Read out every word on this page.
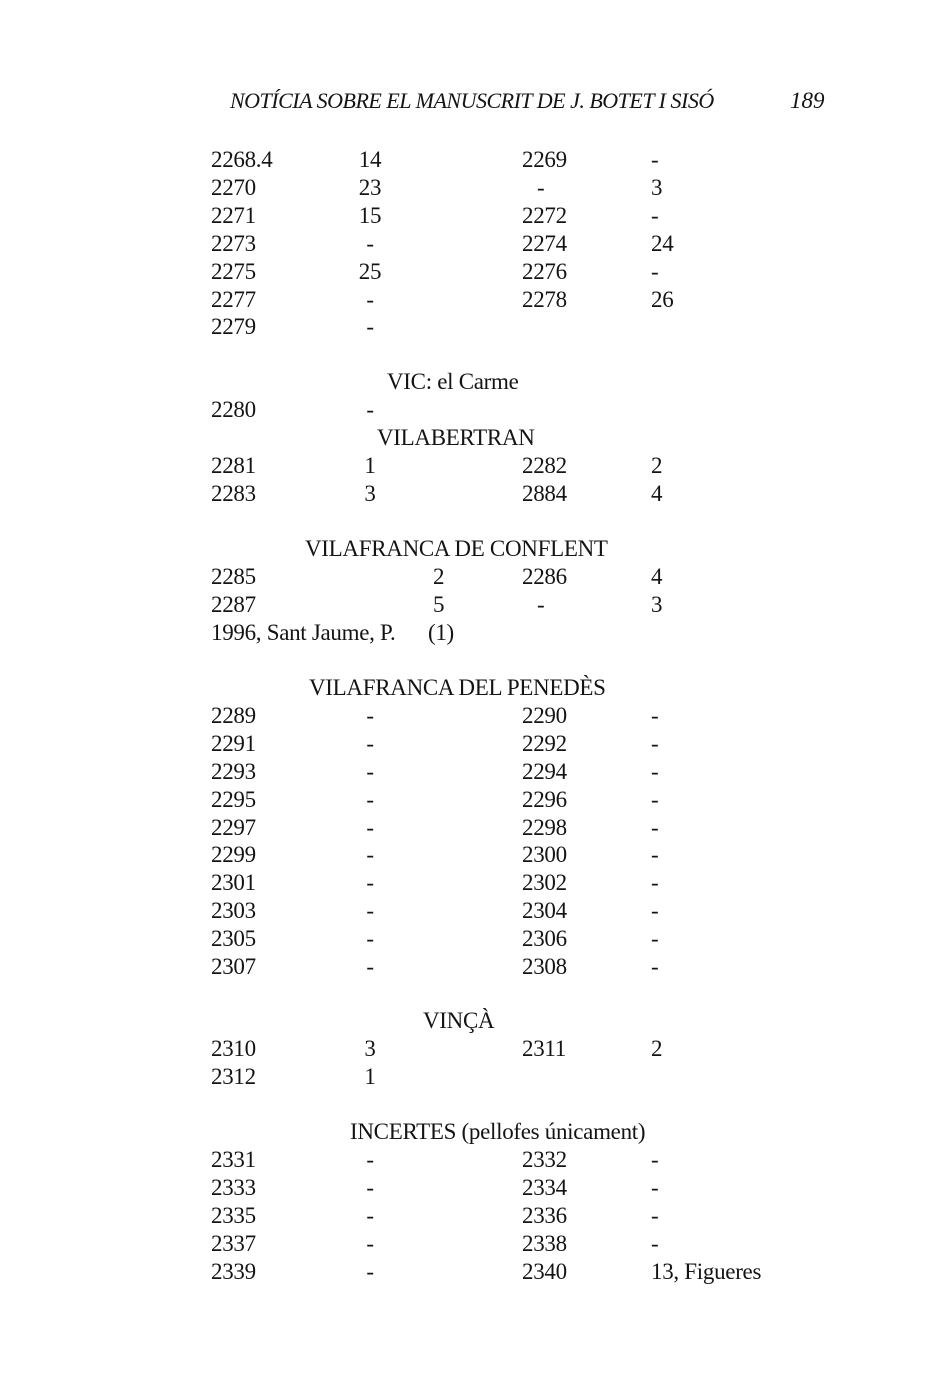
NOTÍCIA SOBRE EL MANUSCRIT DE J. BOTET I SISÓ	189
2268.4	14	2269	-
2270	23	-	3
2271	15	2272	-
2273	-	2274	24
2275	25	2276	-
2277	-	2278	26
2279	-
VIC: el Carme
2280	-
VILABERTRAN
2281	1	2282	2
2283	3	2884	4
VILAFRANCA DE CONFLENT
2285	2	2286	4
2287	5	-	3
1996, Sant Jaume, P. (1)
VILAFRANCA DEL PENEDÈS
2289	-	2290	-
2291	-	2292	-
2293	-	2294	-
2295	-	2296	-
2297	-	2298	-
2299	-	2300	-
2301	-	2302	-
2303	-	2304	-
2305	-	2306	-
2307	-	2308	-
VINÇÀ
2310	3	2311	2
2312	1
INCERTES (pellofes únicament)
2331	-	2332	-
2333	-	2334	-
2335	-	2336	-
2337	-	2338	-
2339	-	2340	13, Figueres
